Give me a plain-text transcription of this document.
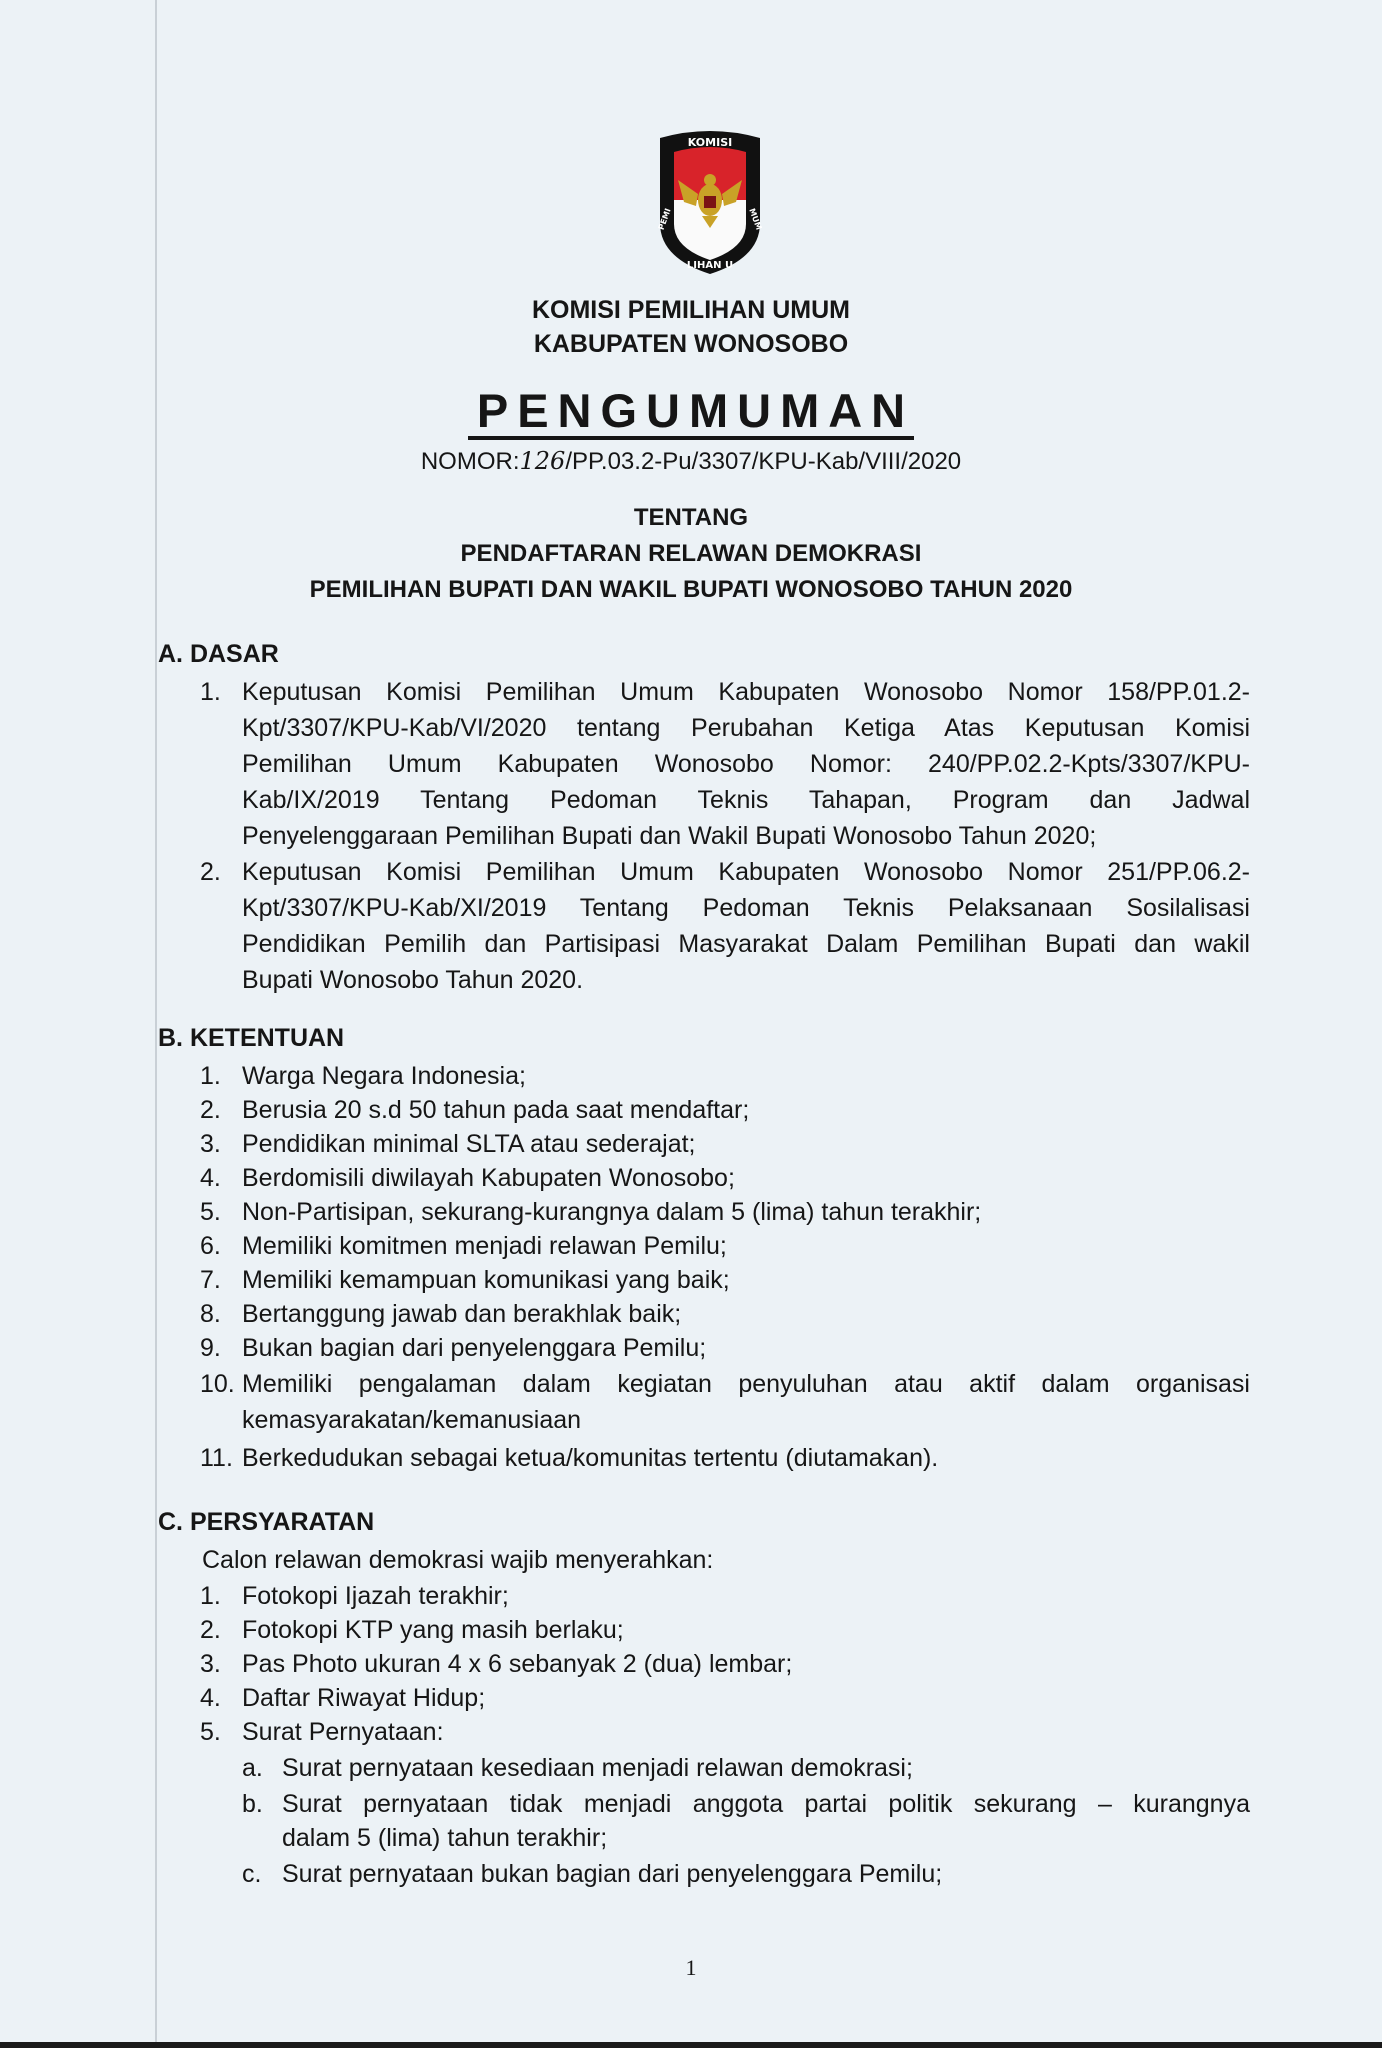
KOMISI
PEMI
LIHAN U
MUM
KOMISI PEMILIHAN UMUM
KABUPATEN WONOSOBO
PENGUMUMAN
NOMOR:126/PP.03.2-Pu/3307/KPU-Kab/VIII/2020
TENTANG
PENDAFTARAN RELAWAN DEMOKRASI
PEMILIHAN BUPATI DAN WAKIL BUPATI WONOSOBO TAHUN 2020
A. DASAR
1. Keputusan Komisi Pemilihan Umum Kabupaten Wonosobo Nomor 158/PP.01.2-
Kpt/3307/KPU-Kab/VI/2020 tentang Perubahan Ketiga Atas Keputusan Komisi
Pemilihan Umum Kabupaten Wonosobo Nomor: 240/PP.02.2-Kpts/3307/KPU-
Kab/IX/2019 Tentang Pedoman Teknis Tahapan, Program dan Jadwal
Penyelenggaraan Pemilihan Bupati dan Wakil Bupati Wonosobo Tahun 2020;
2. Keputusan Komisi Pemilihan Umum Kabupaten Wonosobo Nomor 251/PP.06.2-
Kpt/3307/KPU-Kab/XI/2019 Tentang Pedoman Teknis Pelaksanaan Sosilalisasi
Pendidikan Pemilih dan Partisipasi Masyarakat Dalam Pemilihan Bupati dan wakil
Bupati Wonosobo Tahun 2020.
B. KETENTUAN
1. Warga Negara Indonesia;
2. Berusia 20 s.d 50 tahun pada saat mendaftar;
3. Pendidikan minimal SLTA atau sederajat;
4. Berdomisili diwilayah Kabupaten Wonosobo;
5. Non-Partisipan, sekurang-kurangnya dalam 5 (lima) tahun terakhir;
6. Memiliki komitmen menjadi relawan Pemilu;
7. Memiliki kemampuan komunikasi yang baik;
8. Bertanggung jawab dan berakhlak baik;
9. Bukan bagian dari penyelenggara Pemilu;
10. Memiliki pengalaman dalam kegiatan penyuluhan atau aktif dalam organisasi
kemasyarakatan/kemanusiaan
11. Berkedudukan sebagai ketua/komunitas tertentu (diutamakan).
C. PERSYARATAN
Calon relawan demokrasi wajib menyerahkan:
1. Fotokopi Ijazah terakhir;
2. Fotokopi KTP yang masih berlaku;
3. Pas Photo ukuran 4 x 6 sebanyak 2 (dua) lembar;
4. Daftar Riwayat Hidup;
5. Surat Pernyataan:
a. Surat pernyataan kesediaan menjadi relawan demokrasi;
b. Surat pernyataan tidak menjadi anggota partai politik sekurang – kurangnya
dalam 5 (lima) tahun terakhir;
c. Surat pernyataan bukan bagian dari penyelenggara Pemilu;
1
